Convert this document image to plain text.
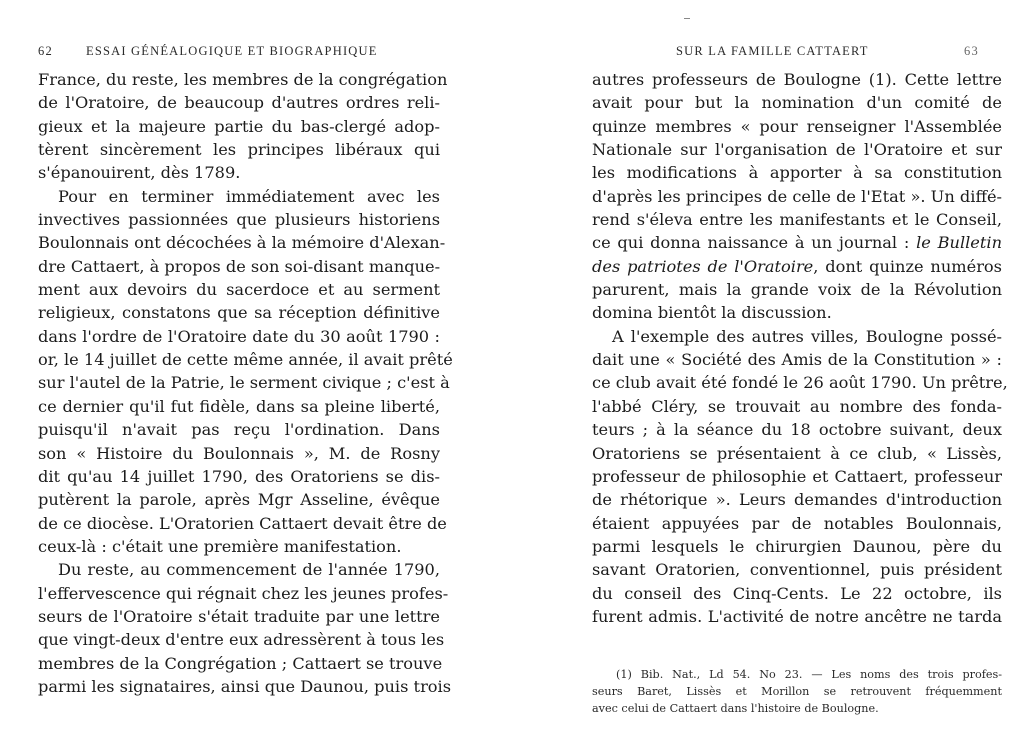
62	ESSAI GÉNÉALOGIQUE ET BIOGRAPHIQUE
France, du reste, les membres de la congrégation
de l'Oratoire, de beaucoup d'autres ordres reli-
gieux et la majeure partie du bas-clergé adop-
tèrent sincèrement les principes libéraux qui
s'épanouirent, dès 1789.
Pour en terminer immédiatement avec les
invectives passionnées que plusieurs historiens
Boulonnais ont décochées à la mémoire d'Alexan-
dre Cattaert, à propos de son soi-disant manque-
ment aux devoirs du sacerdoce et au serment
religieux, constatons que sa réception définitive
dans l'ordre de l'Oratoire date du 30 août 1790 :
or, le 14 juillet de cette même année, il avait prêté
sur l'autel de la Patrie, le serment civique ; c'est à
ce dernier qu'il fut fidèle, dans sa pleine liberté,
puisqu'il n'avait pas reçu l'ordination. Dans
son « Histoire du Boulonnais », M. de Rosny
dit qu'au 14 juillet 1790, des Oratoriens se dis-
putèrent la parole, après Mgr Asseline, évêque
de ce diocèse. L'Oratorien Cattaert devait être de
ceux-là : c'était une première manifestation.
Du reste, au commencement de l'année 1790,
l'effervescence qui régnait chez les jeunes profes-
seurs de l'Oratoire s'était traduite par une lettre
que vingt-deux d'entre eux adressèrent à tous les
membres de la Congrégation ; Cattaert se trouve
parmi les signataires, ainsi que Daunou, puis trois
SUR LA FAMILLE CATTAERT	63
autres professeurs de Boulogne (1). Cette lettre
avait pour but la nomination d'un comité de
quinze membres « pour renseigner l'Assemblée
Nationale sur l'organisation de l'Oratoire et sur
les modifications à apporter à sa constitution
d'après les principes de celle de l'Etat ». Un diffé-
rend s'éleva entre les manifestants et le Conseil,
ce qui donna naissance à un journal : le Bulletin
des patriotes de l'Oratoire, dont quinze numéros
parurent, mais la grande voix de la Révolution
domina bientôt la discussion.
A l'exemple des autres villes, Boulogne possé-
dait une « Société des Amis de la Constitution » :
ce club avait été fondé le 26 août 1790. Un prêtre,
l'abbé Cléry, se trouvait au nombre des fonda-
teurs ; à la séance du 18 octobre suivant, deux
Oratoriens se présentaient à ce club, « Lissès,
professeur de philosophie et Cattaert, professeur
de rhétorique ». Leurs demandes d'introduction
étaient appuyées par de notables Boulonnais,
parmi lesquels le chirurgien Daunou, père du
savant Oratorien, conventionnel, puis président
du conseil des Cinq-Cents. Le 22 octobre, ils
furent admis. L'activité de notre ancêtre ne tarda
(1) Bib. Nat., Ld 54. No 23. — Les noms des trois profes-
seurs Baret, Lissès et Morillon se retrouvent fréquemment
avec celui de Cattaert dans l'histoire de Boulogne.
